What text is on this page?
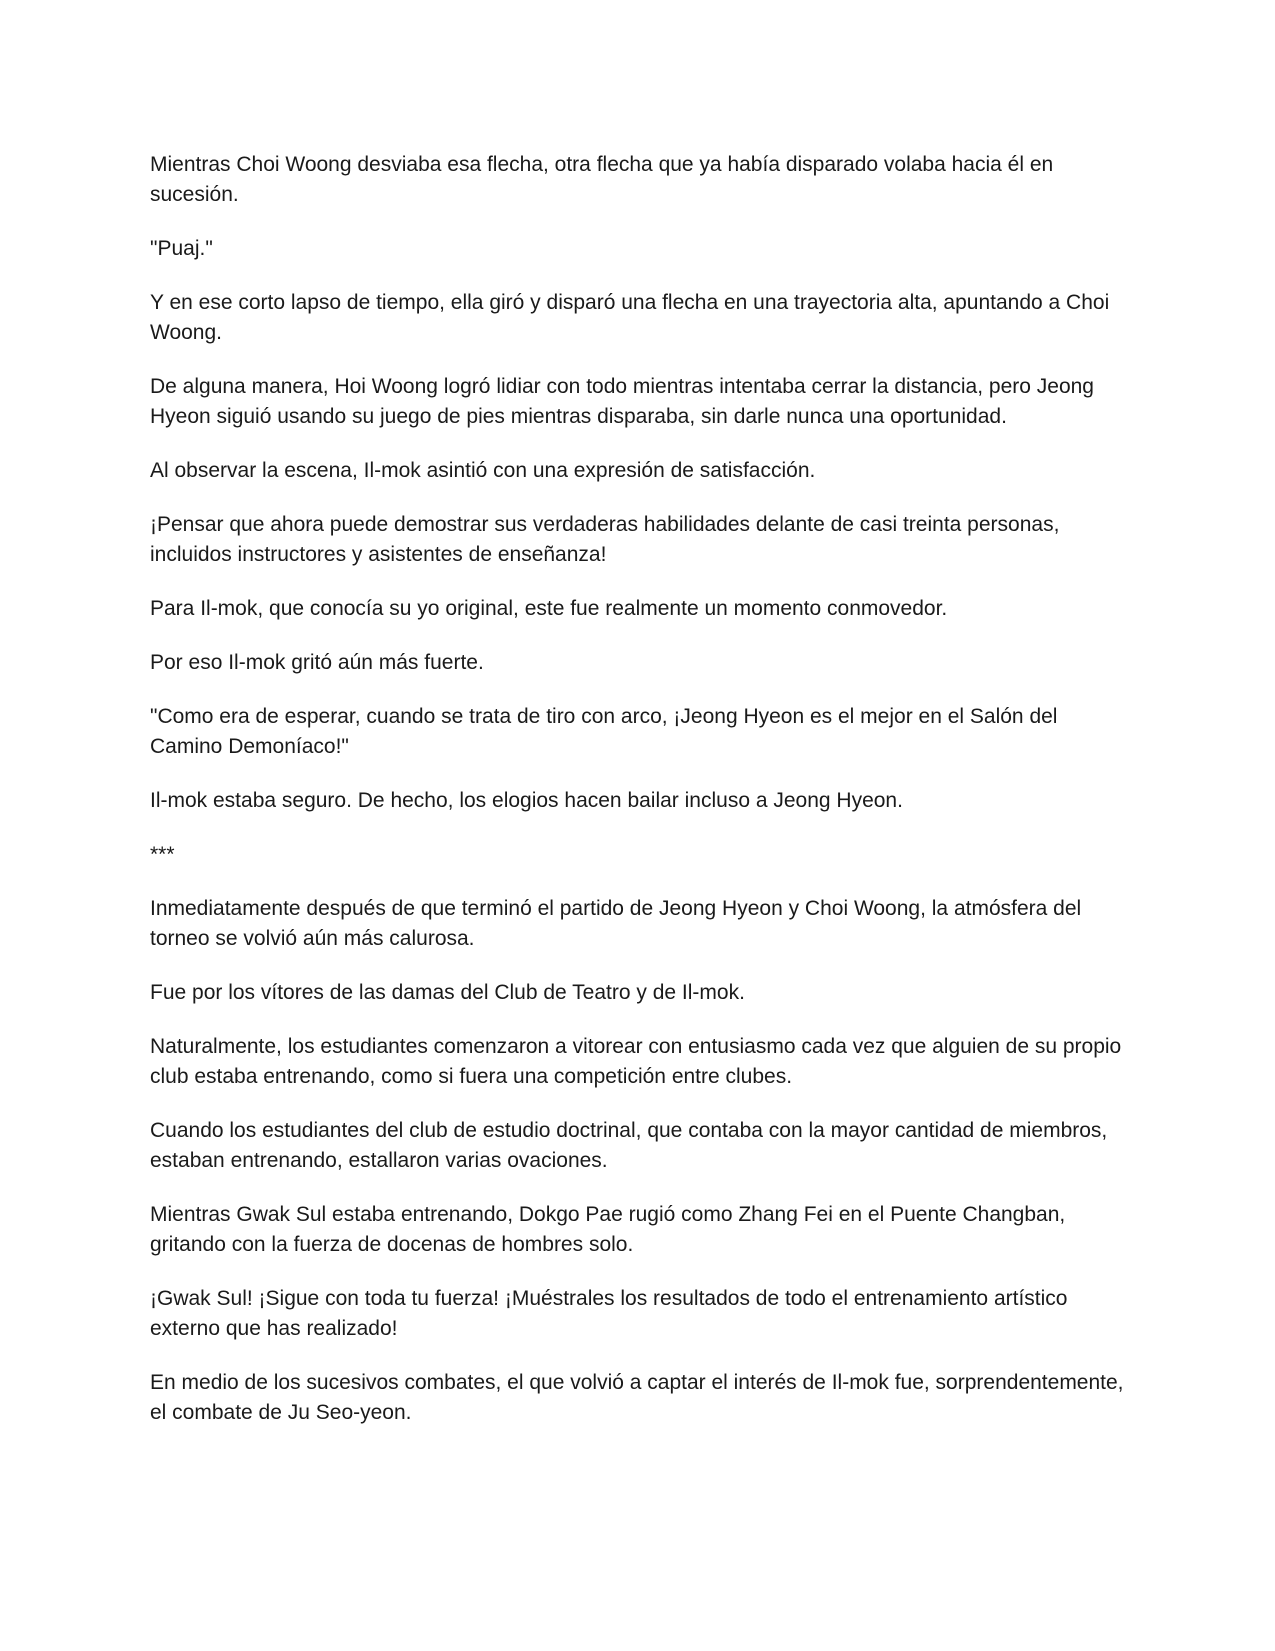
Mientras Choi Woong desviaba esa flecha, otra flecha que ya había disparado volaba hacia él en sucesión.

"Puaj."

Y en ese corto lapso de tiempo, ella giró y disparó una flecha en una trayectoria alta, apuntando a Choi Woong.

De alguna manera, Hoi Woong logró lidiar con todo mientras intentaba cerrar la distancia, pero Jeong Hyeon siguió usando su juego de pies mientras disparaba, sin darle nunca una oportunidad.

Al observar la escena, Il-mok asintió con una expresión de satisfacción.

¡Pensar que ahora puede demostrar sus verdaderas habilidades delante de casi treinta personas, incluidos instructores y asistentes de enseñanza!

Para Il-mok, que conocía su yo original, este fue realmente un momento conmovedor.

Por eso Il-mok gritó aún más fuerte.

"Como era de esperar, cuando se trata de tiro con arco, ¡Jeong Hyeon es el mejor en el Salón del Camino Demoníaco!"

Il-mok estaba seguro. De hecho, los elogios hacen bailar incluso a Jeong Hyeon.

***

Inmediatamente después de que terminó el partido de Jeong Hyeon y Choi Woong, la atmósfera del torneo se volvió aún más calurosa.

Fue por los vítores de las damas del Club de Teatro y de Il-mok.

Naturalmente, los estudiantes comenzaron a vitorear con entusiasmo cada vez que alguien de su propio club estaba entrenando, como si fuera una competición entre clubes.

Cuando los estudiantes del club de estudio doctrinal, que contaba con la mayor cantidad de miembros, estaban entrenando, estallaron varias ovaciones.

Mientras Gwak Sul estaba entrenando, Dokgo Pae rugió como Zhang Fei en el Puente Changban, gritando con la fuerza de docenas de hombres solo.

¡Gwak Sul! ¡Sigue con toda tu fuerza! ¡Muéstrales los resultados de todo el entrenamiento artístico externo que has realizado!

En medio de los sucesivos combates, el que volvió a captar el interés de Il-mok fue, sorprendentemente, el combate de Ju Seo-yeon.
